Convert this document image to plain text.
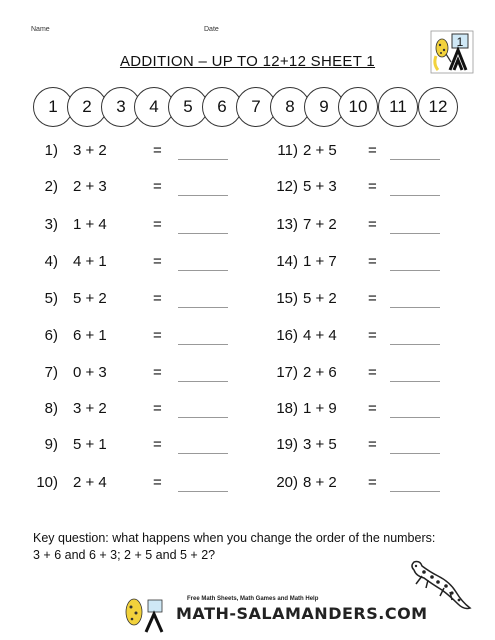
Name	Date
1
ADDITION – UP TO 12+12 SHEET 1
1	2	3	4	5	6	7	8	9	10	11	12
1) 3 + 2	=
2) 2 + 3	=
3) 1 + 4	=
4) 4 + 1	=
5) 5 + 2	=
6) 6 + 1	=
7) 0 + 3	=
8) 3 + 2	=
9) 5 + 1	=
10) 2 + 4	=
11) 2 + 5 =
12) 5 + 3 =
13) 7 + 2 =
14) 1 + 7 =
15) 5 + 2 =
16) 4 + 4 =
17) 2 + 6 =
18) 1 + 9 =
19) 3 + 5 =
20) 8 + 2 =
Key question: what happens when you change the order of the numbers:
3 + 6 and 6 + 3; 2 + 5 and 5 + 2?
Free Math Sheets, Math Games and Math Help
MATH-SALAMANDERS.COM
